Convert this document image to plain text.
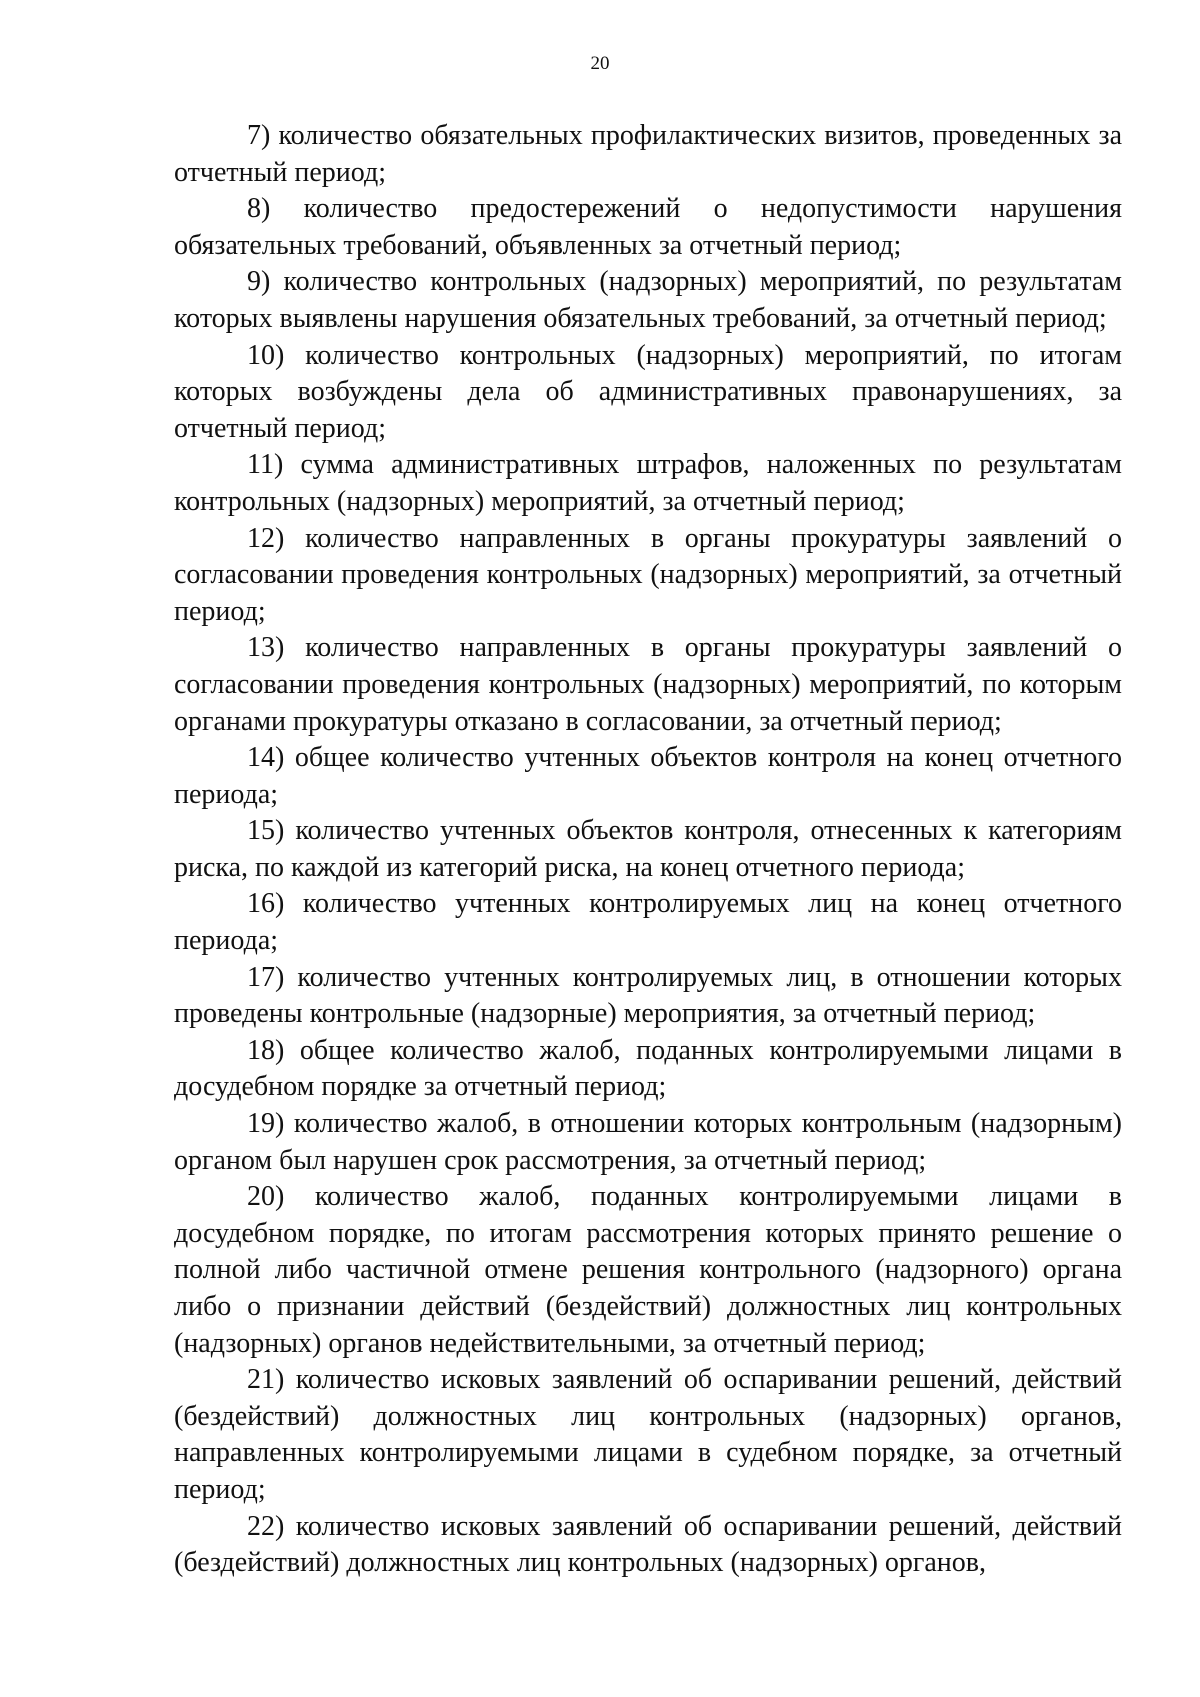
20

7) количество обязательных профилактических визитов, проведенных за отчетный период;

8) количество предостережений о недопустимости нарушения обязательных требований, объявленных за отчетный период;

9) количество контрольных (надзорных) мероприятий, по результатам которых выявлены нарушения обязательных требований, за отчетный период;

10) количество контрольных (надзорных) мероприятий, по итогам которых возбуждены дела об административных правонарушениях, за отчетный период;

11) сумма административных штрафов, наложенных по результатам контрольных (надзорных) мероприятий, за отчетный период;

12) количество направленных в органы прокуратуры заявлений о согласовании проведения контрольных (надзорных) мероприятий, за отчетный период;

13) количество направленных в органы прокуратуры заявлений о согласовании проведения контрольных (надзорных) мероприятий, по которым органами прокуратуры отказано в согласовании, за отчетный период;

14) общее количество учтенных объектов контроля на конец отчетного периода;

15) количество учтенных объектов контроля, отнесенных к категориям риска, по каждой из категорий риска, на конец отчетного периода;

16) количество учтенных контролируемых лиц на конец отчетного периода;

17) количество учтенных контролируемых лиц, в отношении которых проведены контрольные (надзорные) мероприятия, за отчетный период;

18) общее количество жалоб, поданных контролируемыми лицами в досудебном порядке за отчетный период;

19) количество жалоб, в отношении которых контрольным (надзорным) органом был нарушен срок рассмотрения, за отчетный период;

20) количество жалоб, поданных контролируемыми лицами в досудебном порядке, по итогам рассмотрения которых принято решение о полной либо частичной отмене решения контрольного (надзорного) органа либо о признании действий (бездействий) должностных лиц контрольных (надзорных) органов недействительными, за отчетный период;

21) количество исковых заявлений об оспаривании решений, действий (бездействий) должностных лиц контрольных (надзорных) органов, направленных контролируемыми лицами в судебном порядке, за отчетный период;

22) количество исковых заявлений об оспаривании решений, действий (бездействий) должностных лиц контрольных (надзорных) органов,
